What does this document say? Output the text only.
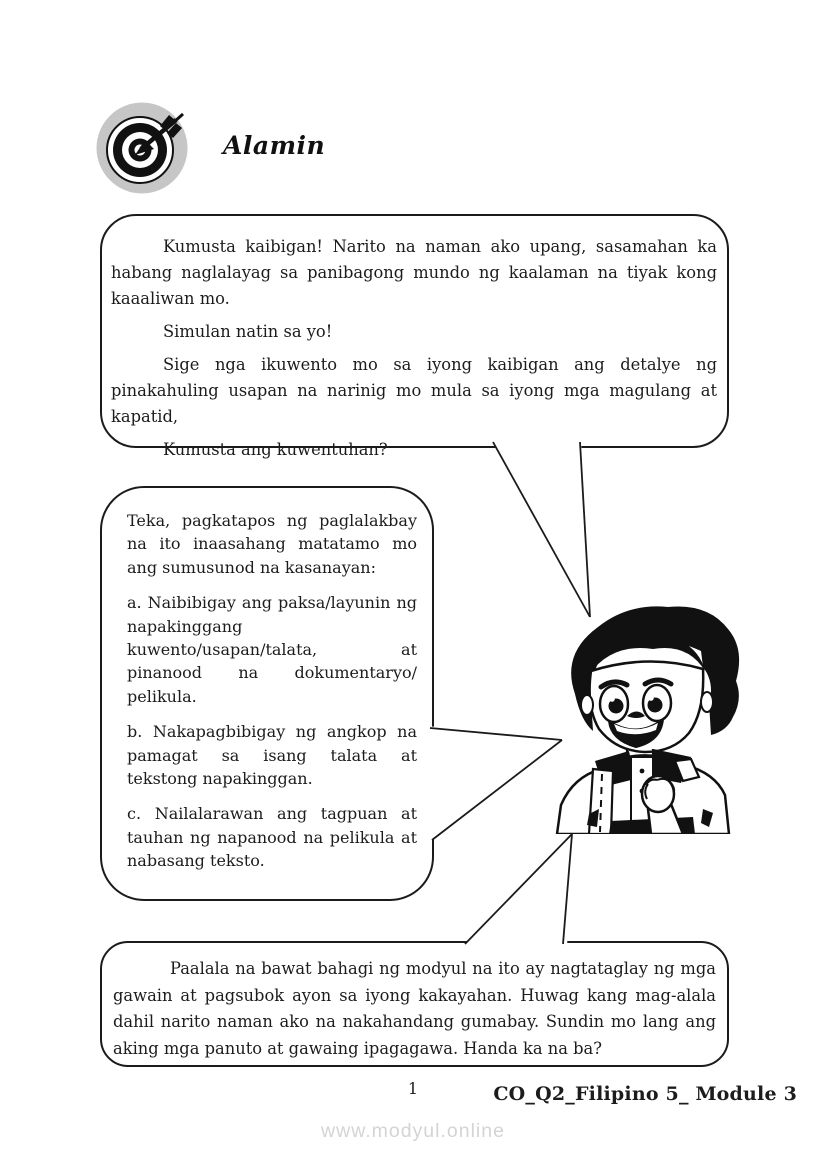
Alamin

Kumusta kaibigan! Narito na naman ako upang, sasamahan ka habang naglalayag sa panibagong mundo ng kaalaman na tiyak kong kaaaliwan mo.

Simulan natin sa yo!

Sige nga ikuwento mo sa iyong kaibigan ang detalye ng pinakahuling usapan na narinig mo mula sa iyong mga magulang at kapatid,

Kumusta ang kuwentuhan?

Teka, pagkatapos ng paglalakbay na ito inaasahang matatamo mo ang sumusunod na kasanayan:

a. Naibibigay ang paksa/layunin ng napakinggang kuwento/usapan/talata, at pinanood na dokumentaryo/ pelikula.

b. Nakapagbibigay ng angkop na pamagat sa isang talata at tekstong napakinggan.

c. Nailalarawan ang tagpuan at tauhan ng napanood na pelikula at nabasang teksto.

Paalala na bawat bahagi ng modyul na ito ay nagtataglay ng mga gawain at pagsubok ayon sa iyong kakayahan. Huwag kang mag-alala dahil narito naman ako na nakahandang gumabay. Sundin mo lang ang aking mga panuto at gawaing ipagagawa. Handa ka na ba?

1	CO_Q2_Filipino 5_ Module 3
www.modyul.online
